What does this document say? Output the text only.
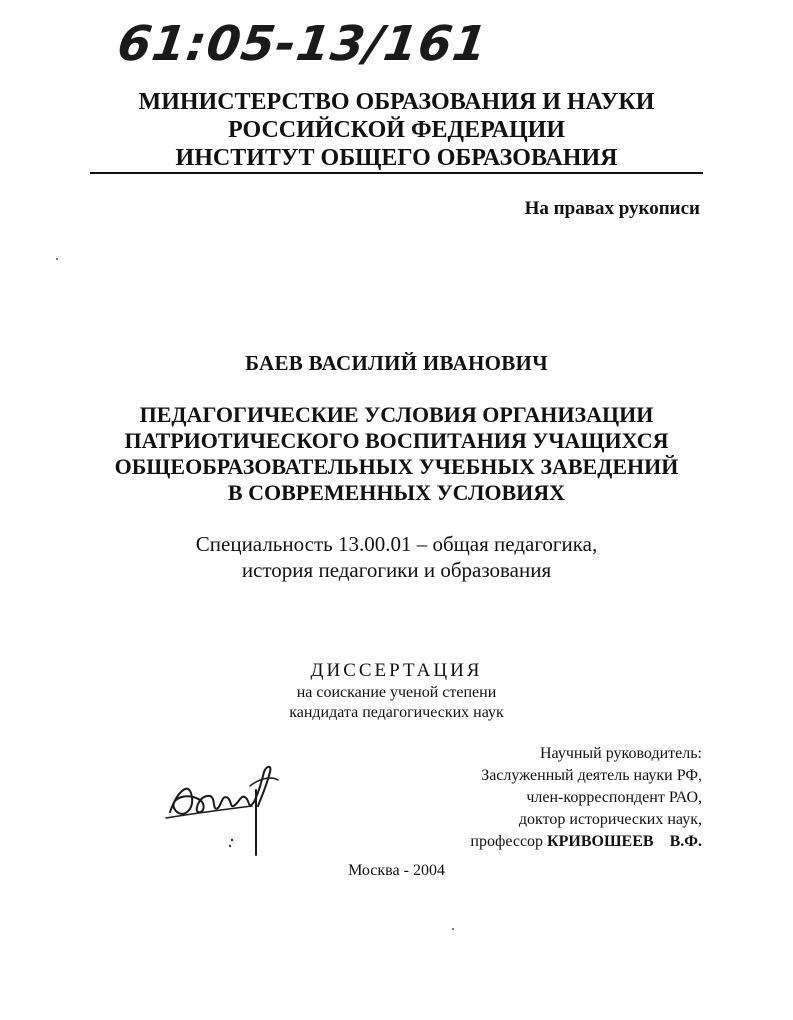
61:05-13/161
МИНИСТЕРСТВО ОБРАЗОВАНИЯ И НАУКИ
РОССИЙСКОЙ ФЕДЕРАЦИИ
ИНСТИТУТ ОБЩЕГО ОБРАЗОВАНИЯ
На правах рукописи
БАЕВ ВАСИЛИЙ ИВАНОВИЧ
ПЕДАГОГИЧЕСКИЕ УСЛОВИЯ ОРГАНИЗАЦИИ
ПАТРИОТИЧЕСКОГО ВОСПИТАНИЯ УЧАЩИХСЯ
ОБЩЕОБРАЗОВАТЕЛЬНЫХ УЧЕБНЫХ ЗАВЕДЕНИЙ
В СОВРЕМЕННЫХ УСЛОВИЯХ
Специальность 13.00.01 – общая педагогика,
история педагогики и образования
ДИССЕРТАЦИЯ
на соискание ученой степени
кандидата педагогических наук
Научный руководитель:
Заслуженный деятель науки РФ,
член-корреспондент РАО,
доктор исторических наук,
профессор КРИВОШЕЕВ В.Ф.
Москва - 2004
